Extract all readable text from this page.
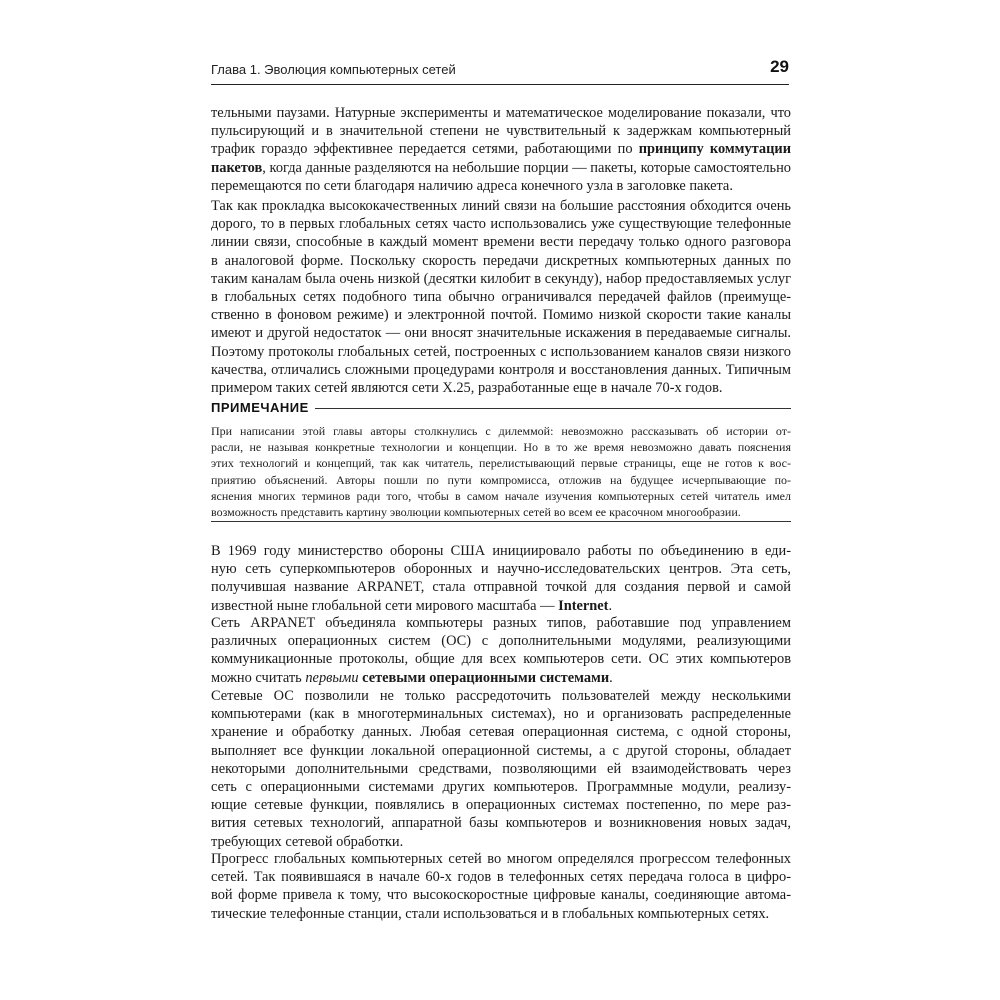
Глава 1. Эволюция компьютерных сетей	29
тельными паузами. Натурные эксперименты и математическое моделирование показали, что
пульсирующий и в значительной степени не чувствительный к задержкам компьютерный
трафик гораздо эффективнее передается сетями, работающими по принципу коммутации
пакетов, когда данные разделяются на небольшие порции — пакеты, которые самостоятельно
перемещаются по сети благодаря наличию адреса конечного узла в заголовке пакета.
Так как прокладка высококачественных линий связи на большие расстояния обходится очень
дорого, то в первых глобальных сетях часто использовались уже существующие телефонные
линии связи, способные в каждый момент времени вести передачу только одного разговора
в аналоговой форме. Поскольку скорость передачи дискретных компьютерных данных по
таким каналам была очень низкой (десятки килобит в секунду), набор предоставляемых услуг
в глобальных сетях подобного типа обычно ограничивался передачей файлов (преимуще-
ственно в фоновом режиме) и электронной почтой. Помимо низкой скорости такие каналы
имеют и другой недостаток — они вносят значительные искажения в передаваемые сигналы.
Поэтому протоколы глобальных сетей, построенных с использованием каналов связи низкого
качества, отличались сложными процедурами контроля и восстановления данных. Типичным
примером таких сетей являются сети X.25, разработанные еще в начале 70-х годов.
ПРИМЕЧАНИЕ
При написании этой главы авторы столкнулись с дилеммой: невозможно рассказывать об истории от-
расли, не называя конкретные технологии и концепции. Но в то же время невозможно давать пояснения
этих технологий и концепций, так как читатель, перелистывающий первые страницы, еще не готов к вос-
приятию объяснений. Авторы пошли по пути компромисса, отложив на будущее исчерпывающие по-
яснения многих терминов ради того, чтобы в самом начале изучения компьютерных сетей читатель имел
возможность представить картину эволюции компьютерных сетей во всем ее красочном многообразии.
В 1969 году министерство обороны США инициировало работы по объединению в еди-
ную сеть суперкомпьютеров оборонных и научно-исследовательских центров. Эта сеть,
получившая название ARPANET, стала отправной точкой для создания первой и самой
известной ныне глобальной сети мирового масштаба — Internet.
Сеть ARPANET объединяла компьютеры разных типов, работавшие под управлением
различных операционных систем (ОС) с дополнительными модулями, реализующими
коммуникационные протоколы, общие для всех компьютеров сети. ОС этих компьютеров
можно считать первыми сетевыми операционными системами.
Сетевые ОС позволили не только рассредоточить пользователей между несколькими
компьютерами (как в многотерминальных системах), но и организовать распределенные
хранение и обработку данных. Любая сетевая операционная система, с одной стороны,
выполняет все функции локальной операционной системы, а с другой стороны, обладает
некоторыми дополнительными средствами, позволяющими ей взаимодействовать через
сеть с операционными системами других компьютеров. Программные модули, реализу-
ющие сетевые функции, появлялись в операционных системах постепенно, по мере раз-
вития сетевых технологий, аппаратной базы компьютеров и возникновения новых задач,
требующих сетевой обработки.
Прогресс глобальных компьютерных сетей во многом определялся прогрессом телефонных
сетей. Так появившаяся в начале 60-х годов в телефонных сетях передача голоса в цифро-
вой форме привела к тому, что высокоскоростные цифровые каналы, соединяющие автома-
тические телефонные станции, стали использоваться и в глобальных компьютерных сетях.
